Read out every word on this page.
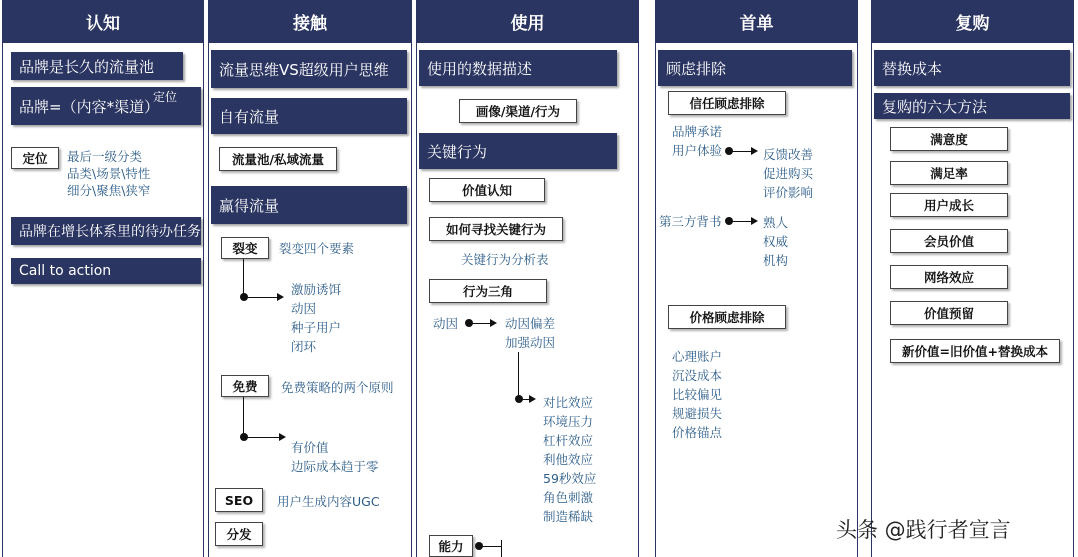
认知
品牌是长久的流量池
品牌=（内容*渠道）
定位
定位	最后一级分类
品类\场景\特性
细分\聚焦\狭窄
品牌在增长体系里的待办任务
Call to action
接触
流量思维VS超级用户思维
自有流量
流量池/私域流量
赢得流量
裂变	裂变四个要素
激励诱饵
动因
种子用户
闭环
免费	免费策略的两个原则
有价值
边际成本趋于零
SEO	用户生成内容UGC
分发
使用
使用的数据描述
画像/渠道/行为
关键行为
价值认知
如何寻找关键行为
关键行为分析表
行为三角
动因	动因偏差
加强动因
对比效应
环境压力
杠杆效应
利他效应
59秒效应
角色刺激
制造稀缺
能力
首单
顾虑排除
信任顾虑排除
品牌承诺
用户体验	反馈改善
促进购买
评价影响
第三方背书	熟人
权威
机构
价格顾虑排除
心理账户
沉没成本
比较偏见
规避损失
价格锚点
复购
替换成本
复购的六大方法
满意度
满足率
用户成长
会员价值
网络效应
价值预留
新价值=旧价值+替换成本
头条 @践行者宣言
